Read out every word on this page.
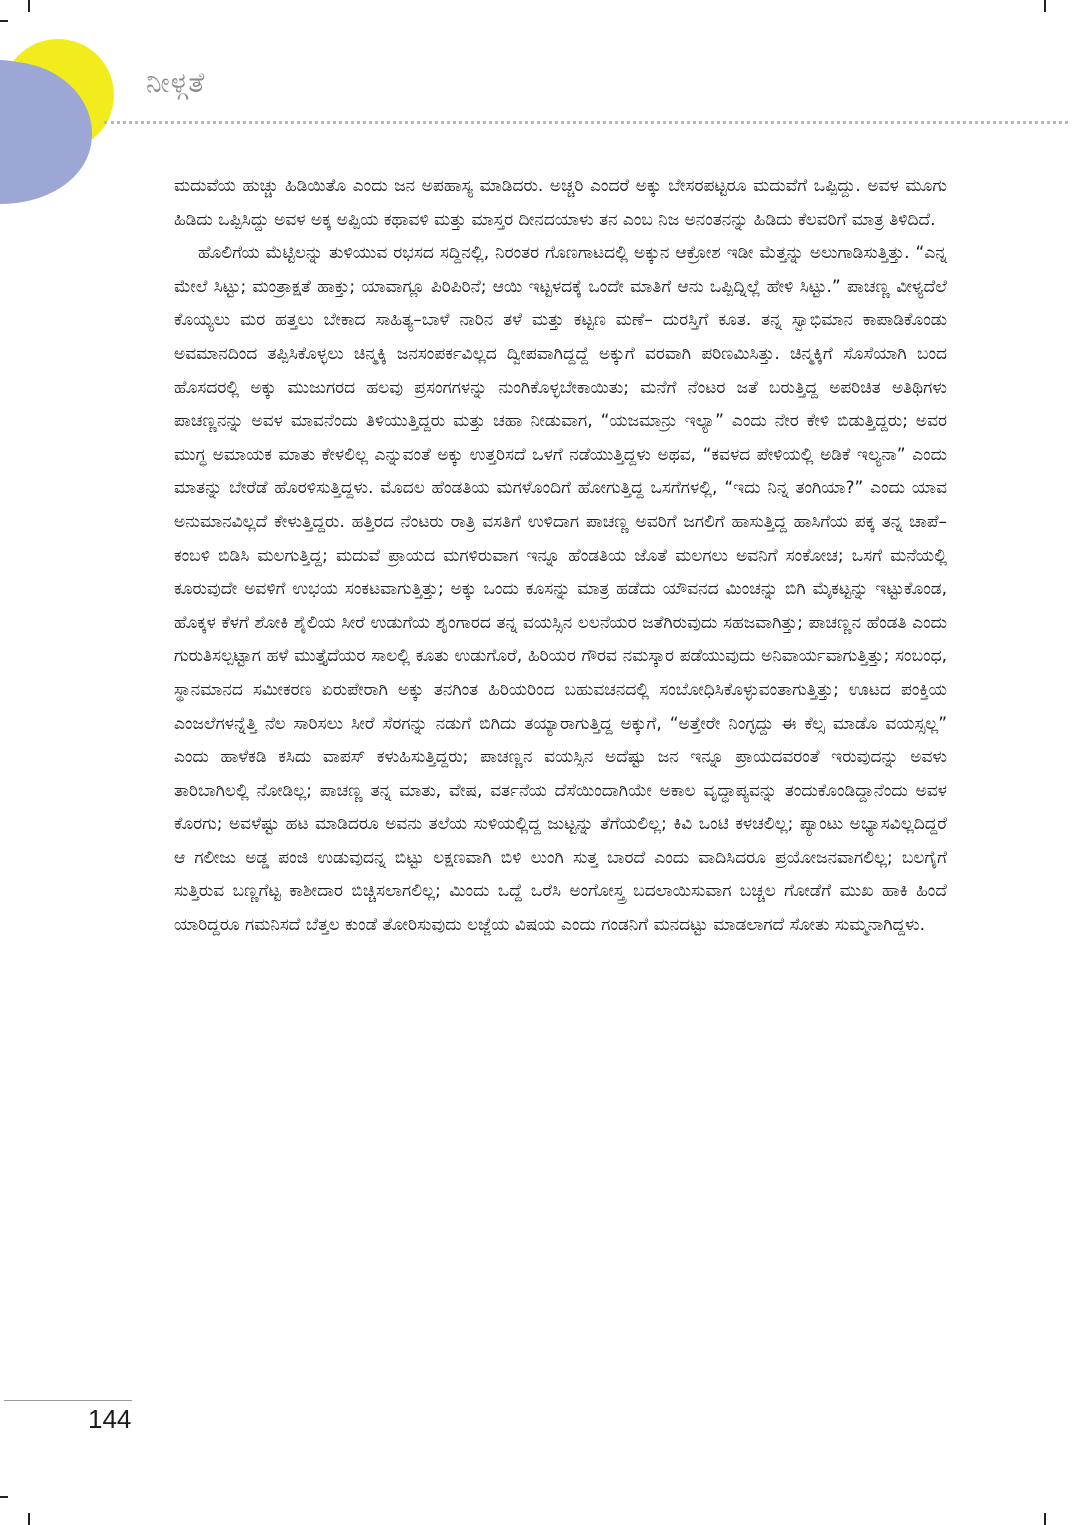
ನೀಳ್ಗತೆ

ಮದುವೆಯ ಹುಚ್ಚು ಹಿಡಿಯಿತೊ ಎಂದು ಜನ ಅಪಹಾಸ್ಯ ಮಾಡಿದರು. ಅಚ್ಚರಿ ಎಂದರೆ ಅಕ್ಕು ಬೇಸರಪಟ್ಟರೂ ಮದುವೆಗೆ ಒಪ್ಪಿದ್ದು. ಅವಳ ಮೂಗು ಹಿಡಿದು ಒಪ್ಪಿಸಿದ್ದು ಅವಳ ಅಕ್ಕ ಅಪ್ಪಿಯ ಕಥಾವಳಿ ಮತ್ತು ಮಾಸ್ತರ ದೀನದಯಾಳು ತನ ಎಂಬ ನಿಜ ಅನಂತನನ್ನು ಹಿಡಿದು ಕೆಲವರಿಗೆ ಮಾತ್ರ ತಿಳಿದಿದೆ.

ಹೊಲಿಗೆಯ ಮೆಟ್ಟಿಲನ್ನು ತುಳಿಯುವ ರಭಸದ ಸದ್ದಿನಲ್ಲಿ, ನಿರಂತರ ಗೊಣಗಾಟದಲ್ಲಿ ಅಕ್ಕುನ ಆಕ್ರೋಶ ಇಡೀ ಮೆತ್ತನ್ನು ಅಲುಗಾಡಿಸುತ್ತಿತ್ತು. “ಎನ್ನ ಮೇಲೆ ಸಿಟ್ಟು; ಮಂತ್ರಾಕ್ಷತೆ ಹಾಕ್ತು; ಯಾವಾಗ್ಲೂ ಪಿರಿಪಿರಿನೆ; ಆಯಿ ಇಟ್ಟಳದಕ್ಕೆ ಒಂದೇ ಮಾತಿಗೆ ಆನು ಒಪ್ಪಿದ್ನಿಲ್ಲೆ ಹೇಳಿ ಸಿಟ್ಟು.” ಪಾಚಣ್ಣ ವೀಳ್ಯದೆಲೆ ಕೊಯ್ಯಲು ಮರ ಹತ್ತಲು ಬೇಕಾದ ಸಾಹಿತ್ಯ–ಬಾಳೆ ನಾರಿನ ತಳೆ ಮತ್ತು ಕಟ್ಟಣ ಮಣೆ– ದುರಸ್ತಿಗೆ ಕೂತ. ತನ್ನ ಸ್ವಾಭಿಮಾನ ಕಾಪಾಡಿಕೊಂಡು ಅವಮಾನದಿಂದ ತಪ್ಪಿಸಿಕೊಳ್ಳಲು ಚಿನ್ಮಕ್ಕಿ ಜನಸಂಪರ್ಕವಿಲ್ಲದ ದ್ವೀಪವಾಗಿದ್ದದ್ದೆ ಅಕ್ಕುಗೆ ವರವಾಗಿ ಪರಿಣಮಿಸಿತ್ತು. ಚಿನ್ಮಕ್ಕಿಗೆ ಸೊಸೆಯಾಗಿ ಬಂದ ಹೊಸದರಲ್ಲಿ ಅಕ್ಕು ಮುಜುಗರದ ಹಲವು ಪ್ರಸಂಗಗಳನ್ನು ನುಂಗಿಕೊಳ್ಳಬೇಕಾಯಿತು; ಮನೆಗೆ ನೆಂಟರ ಜತೆ ಬರುತ್ತಿದ್ದ ಅಪರಿಚಿತ ಅತಿಥಿಗಳು ಪಾಚಣ್ಣನನ್ನು ಅವಳ ಮಾವನೆಂದು ತಿಳಿಯುತ್ತಿದ್ದರು ಮತ್ತು ಚಹಾ ನೀಡುವಾಗ, “ಯಜಮಾನ್ರು ಇಲ್ಯಾ” ಎಂದು ನೇರ ಕೇಳಿ ಬಿಡುತ್ತಿದ್ದರು; ಅವರ ಮುಗ್ಧ ಅಮಾಯಕ ಮಾತು ಕೇಳಲಿಲ್ಲ ಎನ್ನುವಂತೆ ಅಕ್ಕು ಉತ್ತರಿಸದೆ ಒಳಗೆ ನಡೆಯುತ್ತಿದ್ದಳು ಅಥವ, “ಕವಳದ ಪೇಳಿಯಲ್ಲಿ ಅಡಿಕೆ ಇಲ್ಯನಾ” ಎಂದು ಮಾತನ್ನು ಬೇರೆಡೆ ಹೊರಳಿಸುತ್ತಿದ್ದಳು. ಮೊದಲ ಹೆಂಡತಿಯ ಮಗಳೊಂದಿಗೆ ಹೋಗುತ್ತಿದ್ದ ಒಸಗೆಗಳಲ್ಲಿ, “ಇದು ನಿನ್ನ ತಂಗಿಯಾ?” ಎಂದು ಯಾವ ಅನುಮಾನವಿಲ್ಲದೆ ಕೇಳುತ್ತಿದ್ದರು. ಹತ್ತಿರದ ನೆಂಟರು ರಾತ್ರಿ ವಸತಿಗೆ ಉಳಿದಾಗ ಪಾಚಣ್ಣ ಅವರಿಗೆ ಜಗಲಿಗೆ ಹಾಸುತ್ತಿದ್ದ ಹಾಸಿಗೆಯ ಪಕ್ಕ ತನ್ನ ಚಾಪೆ–ಕಂಬಳಿ ಬಿಡಿಸಿ ಮಲಗುತ್ತಿದ್ದ; ಮದುವೆ ಪ್ರಾಯದ ಮಗಳಿರುವಾಗ ಇನ್ನೂ ಹೆಂಡತಿಯ ಜೊತೆ ಮಲಗಲು ಅವನಿಗೆ ಸಂಕೋಚ; ಒಸಗೆ ಮನೆಯಲ್ಲಿ ಕೂರುವುದೇ ಅವಳಿಗೆ ಉಭಯ ಸಂಕಟವಾಗುತ್ತಿತ್ತು; ಅಕ್ಕು ಒಂದು ಕೂಸನ್ನು ಮಾತ್ರ ಹಡೆದು ಯೌವನದ ಮಿಂಚನ್ನು ಬಿಗಿ ಮೈಕಟ್ಟನ್ನು ಇಟ್ಟುಕೊಂಡ, ಹೊಕ್ಕಳ ಕೆಳಗೆ ಶೋಕಿ ಶೈಲಿಯ ಸೀರೆ ಉಡುಗೆಯ ಶೃಂಗಾರದ ತನ್ನ ವಯಸ್ಸಿನ ಲಲನೆಯರ ಜತೆಗಿರುವುದು ಸಹಜವಾಗಿತ್ತು; ಪಾಚಣ್ಣನ ಹೆಂಡತಿ ಎಂದು ಗುರುತಿಸಲ್ಪಟ್ಟಾಗ ಹಳೆ ಮುತ್ತೈದೆಯರ ಸಾಲಲ್ಲಿ ಕೂತು ಉಡುಗೊರೆ, ಹಿರಿಯರ ಗೌರವ ನಮಸ್ಕಾರ ಪಡೆಯುವುದು ಅನಿವಾರ್ಯವಾಗುತ್ತಿತ್ತು; ಸಂಬಂಧ, ಸ್ಥಾನಮಾನದ ಸಮೀಕರಣ ಏರುಪೇರಾಗಿ ಅಕ್ಕು ತನಗಿಂತ ಹಿರಿಯರಿಂದ ಬಹುವಚನದಲ್ಲಿ ಸಂಬೋಧಿಸಿಕೊಳ್ಳುವಂತಾಗುತ್ತಿತ್ತು; ಊಟದ ಪಂಕ್ತಿಯ ಎಂಜಲೆಗಳನ್ನೆತ್ತಿ ನೆಲ ಸಾರಿಸಲು ಸೀರೆ ಸೆರಗನ್ನು ನಡುಗೆ ಬಿಗಿದು ತಯ್ಯಾರಾಗುತ್ತಿದ್ದ ಅಕ್ಕುಗೆ, “ಅತ್ತೇರೇ ನಿಂಗ್ಳದ್ದು ಈ ಕೆಲ್ಸ ಮಾಡೊ ವಯಸ್ಸಲ್ಲ” ಎಂದು ಹಾಳೆಕಡಿ ಕಸಿದು ವಾಪಸ್ ಕಳುಹಿಸುತ್ತಿದ್ದರು; ಪಾಚಣ್ಣನ ವಯಸ್ಸಿನ ಅದೆಷ್ಟು ಜನ ಇನ್ನೂ ಪ್ರಾಯದವರಂತೆ ಇರುವುದನ್ನು ಅವಳು ತಾರಿಬಾಗಿಲಲ್ಲಿ ನೋಡಿಲ್ಲ; ಪಾಚಣ್ಣ ತನ್ನ ಮಾತು, ವೇಷ, ವರ್ತನೆಯ ದೆಸೆಯಿಂದಾಗಿಯೇ ಅಕಾಲ ವೃದ್ಧಾಪ್ಯವನ್ನು ತಂದುಕೊಂಡಿದ್ದಾನೆಂದು ಅವಳ ಕೊರಗು; ಅವಳೆಷ್ಟು ಹಟ ಮಾಡಿದರೂ ಅವನು ತಲೆಯ ಸುಳಿಯಲ್ಲಿದ್ದ ಜುಟ್ಟನ್ನು ತೆಗೆಯಲಿಲ್ಲ; ಕಿವಿ ಒಂಟಿ ಕಳಚಲಿಲ್ಲ; ಪ್ಯಾಂಟು ಅಭ್ಯಾಸವಿಲ್ಲದಿದ್ದರೆ ಆ ಗಲೀಜು ಅಡ್ಡ ಪಂಜಿ ಉಡುವುದನ್ನ ಬಿಟ್ಟು ಲಕ್ಷಣವಾಗಿ ಬಿಳಿ ಲುಂಗಿ ಸುತ್ತ ಬಾರದೆ ಎಂದು ವಾದಿಸಿದರೂ ಪ್ರಯೋಜನವಾಗಲಿಲ್ಲ; ಬಲಗೈಗೆ ಸುತ್ತಿರುವ ಬಣ್ಣಗೆಟ್ಟ ಕಾಶೀದಾರ ಬಿಚ್ಚಿಸಲಾಗಲಿಲ್ಲ; ಮಿಂದು ಒದ್ದೆ ಒರೆಸಿ ಅಂಗೋಸ್ತ್ರ ಬದಲಾಯಿಸುವಾಗ ಬಚ್ಚಲ ಗೋಡೆಗೆ ಮುಖ ಹಾಕಿ ಹಿಂದೆ ಯಾರಿದ್ದರೂ ಗಮನಿಸದೆ ಬೆತ್ತಲ ಕುಂಡೆ ತೋರಿಸುವುದು ಲಜ್ಜೆಯ ವಿಷಯ ಎಂದು ಗಂಡನಿಗೆ ಮನದಟ್ಟು ಮಾಡಲಾಗದೆ ಸೋತು ಸುಮ್ಮನಾಗಿದ್ದಳು.

144
